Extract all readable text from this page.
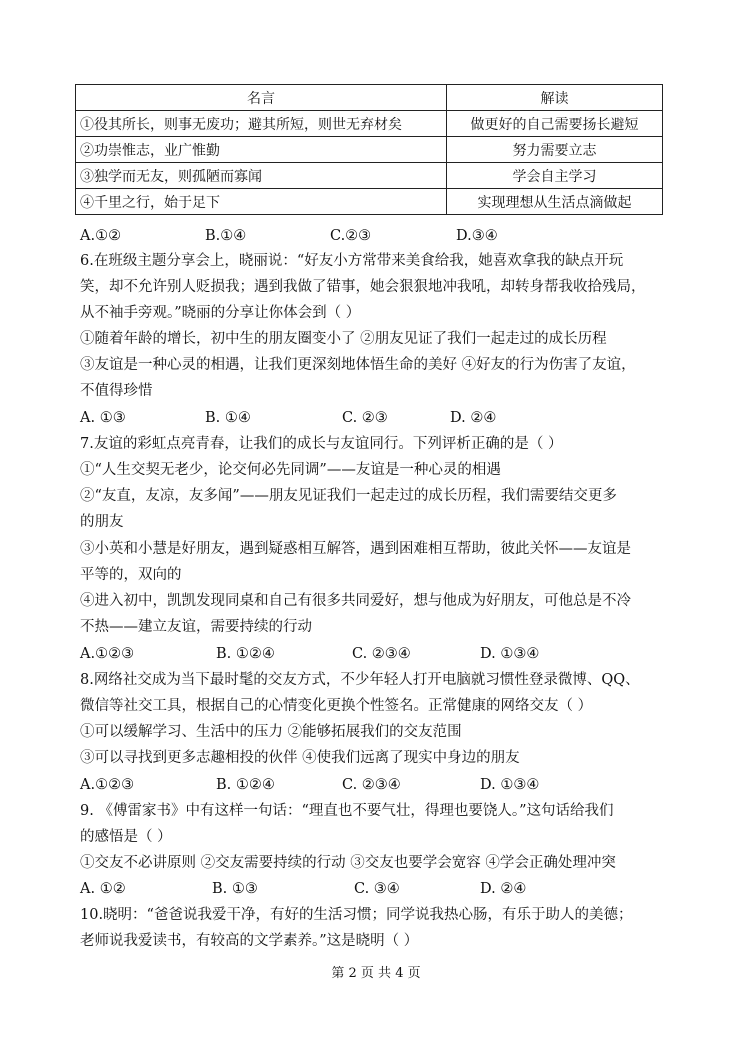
名言	解读
①役其所长，则事无废功；避其所短，则世无弃材矣	做更好的自己需要扬长避短
②功崇惟志，业广惟勤	努力需要立志
③独学而无友，则孤陋而寡闻	学会自主学习
④千里之行，始于足下	实现理想从生活点滴做起
A.①②	B.①④	C.②③	D.③④
6.在班级主题分享会上，晓丽说：“好友小方常带来美食给我，她喜欢拿我的缺点开玩
笑，却不允许别人贬损我；遇到我做了错事，她会狠狠地冲我吼，却转身帮我收拾残局，
从不袖手旁观。”晓丽的分享让你体会到（ ）
①随着年龄的增长，初中生的朋友圈变小了 ②朋友见证了我们一起走过的成长历程
③友谊是一种心灵的相遇，让我们更深刻地体悟生命的美好 ④好友的行为伤害了友谊，
不值得珍惜
A. ①③	B. ①④	C. ②③	D. ②④
7.友谊的彩虹点亮青春，让我们的成长与友谊同行。下列评析正确的是（ ）
①“人生交契无老少，论交何必先同调”——友谊是一种心灵的相遇
②“友直，友凉，友多闻”——朋友见证我们一起走过的成长历程，我们需要结交更多
的朋友
③小英和小慧是好朋友，遇到疑惑相互解答，遇到困难相互帮助，彼此关怀——友谊是
平等的，双向的
④进入初中，凯凯发现同桌和自己有很多共同爱好，想与他成为好朋友，可他总是不冷
不热——建立友谊，需要持续的行动
A.①②③	B. ①②④	C. ②③④	D. ①③④
8.网络社交成为当下最时髦的交友方式，不少年轻人打开电脑就习惯性登录微博、QQ、
微信等社交工具，根据自己的心情变化更换个性签名。正常健康的网络交友（ ）
①可以缓解学习、生活中的压力 ②能够拓展我们的交友范围
③可以寻找到更多志趣相投的伙伴 ④使我们远离了现实中身边的朋友
A.①②③	B. ①②④	C. ②③④	D. ①③④
9. 《傅雷家书》中有这样一句话：“理直也不要气壮，得理也要饶人。”这句话给我们
的感悟是（ ）
①交友不必讲原则 ②交友需要持续的行动 ③交友也要学会宽容 ④学会正确处理冲突
A. ①②	B. ①③	C. ③④	D. ②④
10.晓明：“爸爸说我爱干净，有好的生活习惯；同学说我热心肠，有乐于助人的美德；
老师说我爱读书，有较高的文学素养。”这是晓明（ ）
第 2 页 共 4 页
